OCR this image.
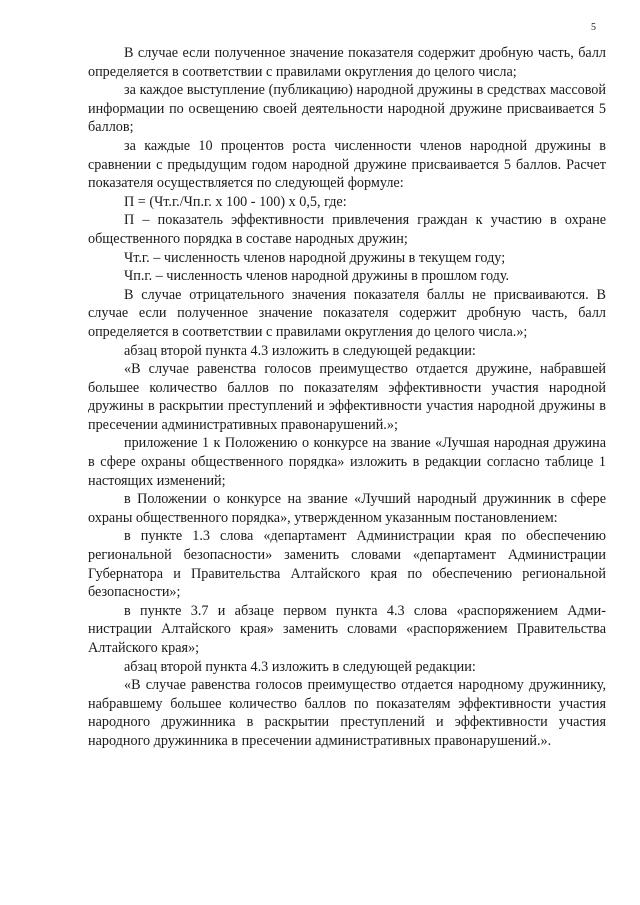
5

В случае если полученное значение показателя содержит дробную часть, балл определяется в соответствии с правилами округления до целого числа;

за каждое выступление (публикацию) народной дружины в средствах массовой информации по освещению своей деятельности народной дружине присваивается 5 баллов;

за каждые 10 процентов роста численности членов народной дружины в сравнении с предыдущим годом народной дружине присваивается 5 баллов. Расчет показателя осуществляется по следующей формуле:

П = (Чт.г./Чп.г. х 100 - 100) х 0,5, где:

П – показатель эффективности привлечения граждан к участию в охране общественного порядка в составе народных дружин;

Чт.г. – численность членов народной дружины в текущем году;

Чп.г. – численность членов народной дружины в прошлом году.

В случае отрицательного значения показателя баллы не присваиваются. В случае если полученное значение показателя содержит дробную часть, балл определяется в соответствии с правилами округления до целого числа.»;

абзац второй пункта 4.3 изложить в следующей редакции:

«В случае равенства голосов преимущество отдается дружине, набравшей большее количество баллов по показателям эффективности участия народной дружины в раскрытии преступлений и эффективности участия народной дружины в пресечении административных правонарушений.»;

приложение 1 к Положению о конкурсе на звание «Лучшая народная дружина в сфере охраны общественного порядка» изложить в редакции согласно таблице 1 настоящих изменений;

в Положении о конкурсе на звание «Лучший народный дружинник в сфере охраны общественного порядка», утвержденном указанным постановлением:

в пункте 1.3 слова «департамент Администрации края по обеспечению региональной безопасности» заменить словами «департамент Администрации Губернатора и Правительства Алтайского края по обеспечению региональной безопасности»;

в пункте 3.7 и абзаце первом пункта 4.3 слова «распоряжением Администрации Алтайского края» заменить словами «распоряжением Правительства Алтайского края»;

абзац второй пункта 4.3 изложить в следующей редакции:

«В случае равенства голосов преимущество отдается народному дружиннику, набравшему большее количество баллов по показателям эффективности участия народного дружинника в раскрытии преступлений и эффективности участия народного дружинника в пресечении административных правонарушений.».
